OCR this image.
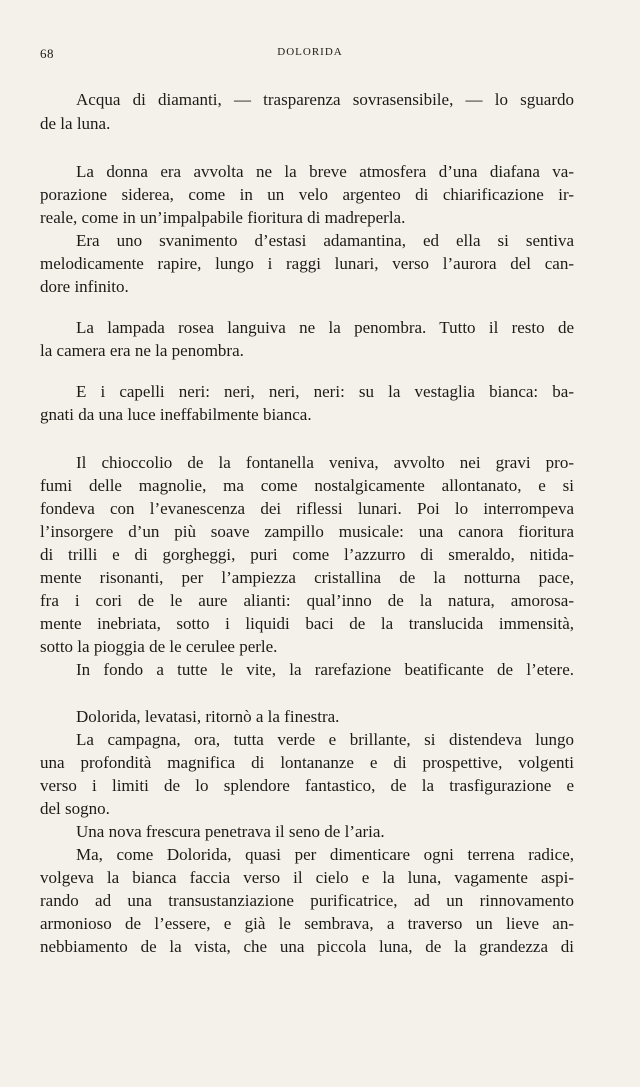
68	DOLORIDA
Acqua di diamanti, — trasparenza sovrasensibile, — lo sguardo
de la luna.
La donna era avvolta ne la breve atmosfera d’una diafana va-
porazione siderea, come in un velo argenteo di chiarificazione ir-
reale, come in un’impalpabile fioritura di madreperla.
Era uno svanimento d’estasi adamantina, ed ella si sentiva
melodicamente rapire, lungo i raggi lunari, verso l’aurora del can-
dore infinito.
La lampada rosea languiva ne la penombra. Tutto il resto de
la camera era ne la penombra.
E i capelli neri: neri, neri, neri: su la vestaglia bianca: ba-
gnati da una luce ineffabilmente bianca.
Il chioccolio de la fontanella veniva, avvolto nei gravi pro-
fumi delle magnolie, ma come nostalgicamente allontanato, e si
fondeva con l’evanescenza dei riflessi lunari. Poi lo interrompeva
l’insorgere d’un più soave zampillo musicale: una canora fioritura
di trilli e di gorgheggi, puri come l’azzurro di smeraldo, nitida-
mente risonanti, per l’ampiezza cristallina de la notturna pace,
fra i cori de le aure alianti: qual’inno de la natura, amorosa-
mente inebriata, sotto i liquidi baci de la translucida immensità,
sotto la pioggia de le cerulee perle.
In fondo a tutte le vite, la rarefazione beatificante de l’etere.
Dolorida, levatasi, ritornò a la finestra.
La campagna, ora, tutta verde e brillante, si distendeva lungo
una profondità magnifica di lontananze e di prospettive, volgenti
verso i limiti de lo splendore fantastico, de la trasfigurazione e
del sogno.
Una nova frescura penetrava il seno de l’aria.
Ma, come Dolorida, quasi per dimenticare ogni terrena radice,
volgeva la bianca faccia verso il cielo e la luna, vagamente aspi-
rando ad una transustanziazione purificatrice, ad un rinnovamento
armonioso de l’essere, e già le sembrava, a traverso un lieve an-
nebbiamento de la vista, che una piccola luna, de la grandezza di
